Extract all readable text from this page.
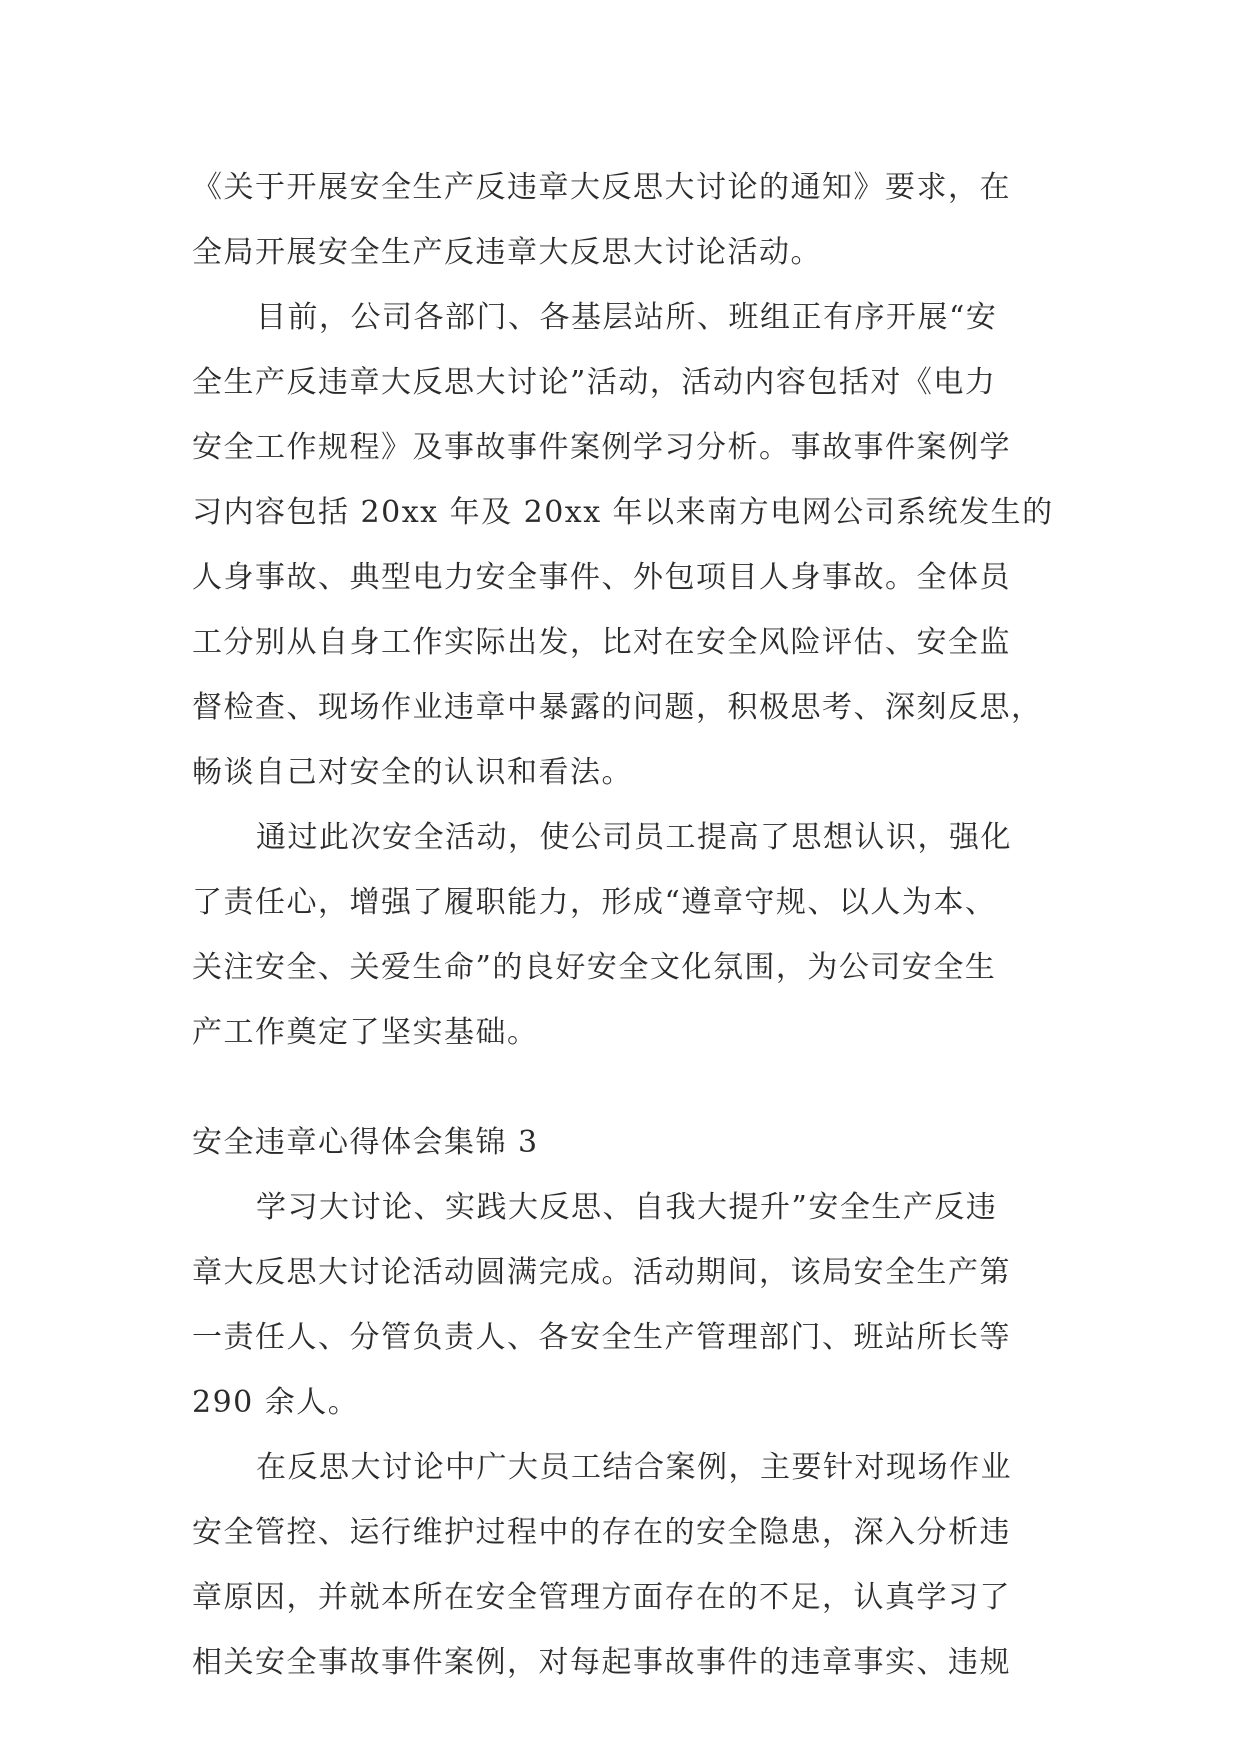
《关于开展安全生产反违章大反思大讨论的通知》要求，在
全局开展安全生产反违章大反思大讨论活动。
目前，公司各部门、各基层站所、班组正有序开展“安
全生产反违章大反思大讨论”活动，活动内容包括对《电力
安全工作规程》及事故事件案例学习分析。事故事件案例学
习内容包括 20xx 年及 20xx 年以来南方电网公司系统发生的
人身事故、典型电力安全事件、外包项目人身事故。全体员
工分别从自身工作实际出发，比对在安全风险评估、安全监
督检查、现场作业违章中暴露的问题，积极思考、深刻反思，
畅谈自己对安全的认识和看法。
通过此次安全活动，使公司员工提高了思想认识，强化
了责任心，增强了履职能力，形成“遵章守规、以人为本、
关注安全、关爱生命”的良好安全文化氛围，为公司安全生
产工作奠定了坚实基础。
安全违章心得体会集锦 3
学习大讨论、实践大反思、自我大提升”安全生产反违
章大反思大讨论活动圆满完成。活动期间，该局安全生产第
一责任人、分管负责人、各安全生产管理部门、班站所长等
290 余人。
在反思大讨论中广大员工结合案例，主要针对现场作业
安全管控、运行维护过程中的存在的安全隐患，深入分析违
章原因，并就本所在安全管理方面存在的不足，认真学习了
相关安全事故事件案例，对每起事故事件的违章事实、违规
